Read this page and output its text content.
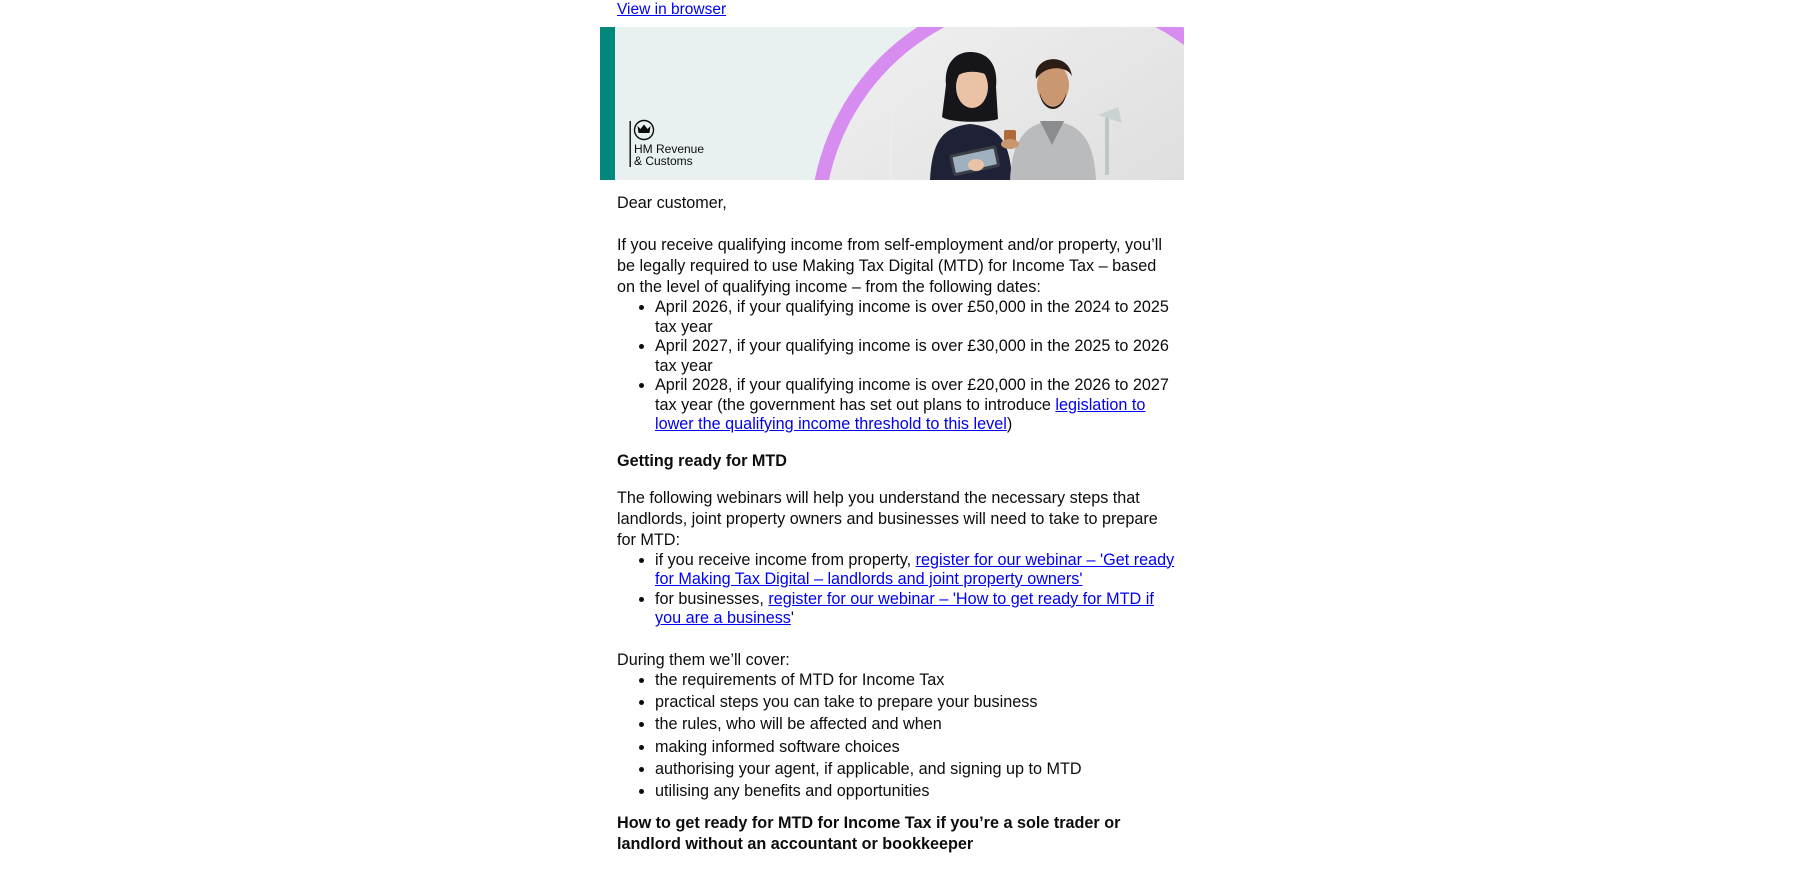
View in browser
HM Revenue
& Customs

Dear customer,

If you receive qualifying income from self-employment and/or property, you’ll be legally required to use Making Tax Digital (MTD) for Income Tax – based on the level of qualifying income – from the following dates:

• April 2026, if your qualifying income is over £50,000 in the 2024 to 2025 tax year
• April 2027, if your qualifying income is over £30,000 in the 2025 to 2026 tax year
• April 2028, if your qualifying income is over £20,000 in the 2026 to 2027 tax year (the government has set out plans to introduce legislation to lower the qualifying income threshold to this level)
Getting ready for MTD

The following webinars will help you understand the necessary steps that landlords, joint property owners and businesses will need to take to prepare for MTD:

• if you receive income from property, register for our webinar – 'Get ready for Making Tax Digital – landlords and joint property owners'
• for businesses, register for our webinar – 'How to get ready for MTD if you are a business'

During them we’ll cover:

• the requirements of MTD for Income Tax
• practical steps you can take to prepare your business
• the rules, who will be affected and when
• making informed software choices
• authorising your agent, if applicable, and signing up to MTD
• utilising any benefits and opportunities
How to get ready for MTD for Income Tax if you’re a sole trader or landlord without an accountant or bookkeeper
